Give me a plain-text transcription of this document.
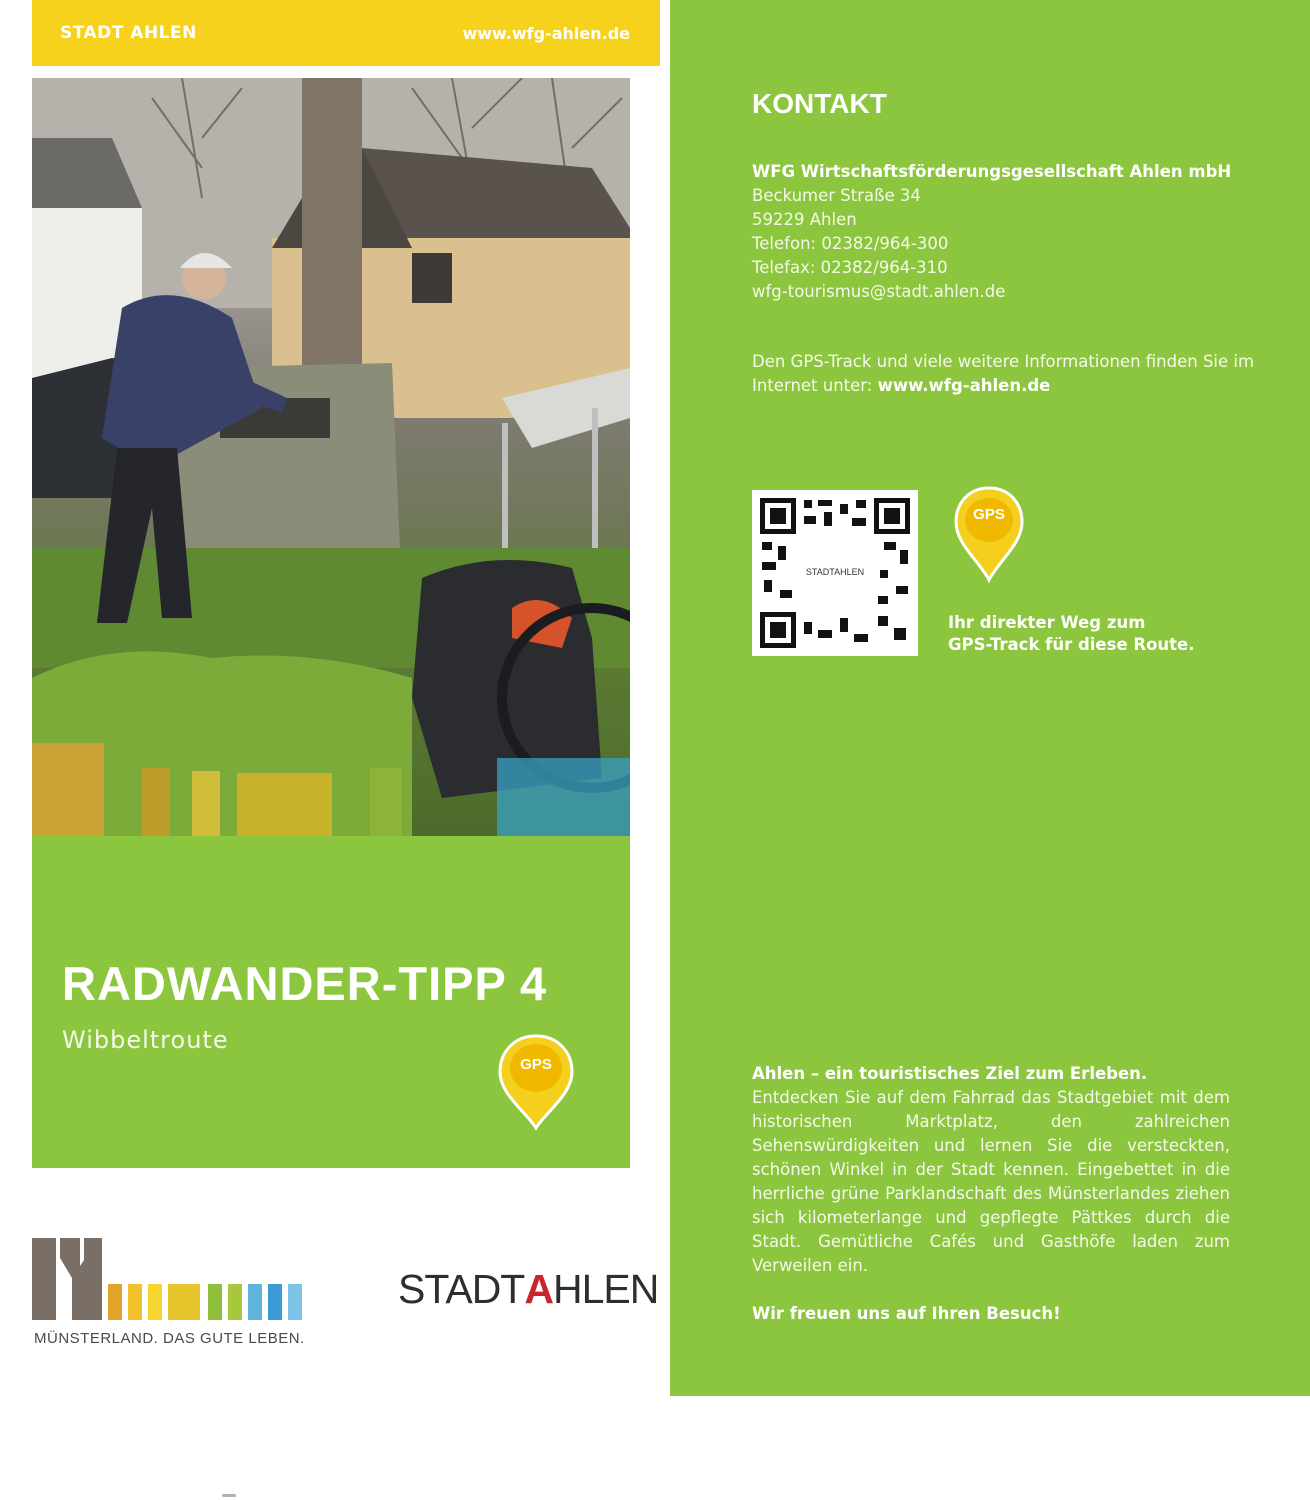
STADT AHLEN	www.wfg-ahlen.de
RADWANDER-TIPP 4

Wibbeltroute

GPS

MÜNSTERLAND. DAS GUTE LEBEN.

STADTAHLEN
KONTAKT
WFG Wirtschaftsförderungsgesellschaft Ahlen mbH
Beckumer Straße 34
59229 Ahlen
Telefon: 02382/964-300
Telefax: 02382/964-310
wfg-tourismus@stadt.ahlen.de
Den GPS-Track und viele weitere Informationen finden Sie im Internet unter: www.wfg-ahlen.de
STADTAHLEN
GPS

Ihr direkter Weg zum
GPS-Track für diese Route.

Ahlen – ein touristisches Ziel zum Erleben.

Entdecken Sie auf dem Fahrrad das Stadtgebiet mit dem historischen Marktplatz, den zahlreichen Sehenswürdigkeiten und lernen Sie die versteckten, schönen Winkel in der Stadt kennen. Eingebettet in die herrliche grüne Parklandschaft des Münsterlandes ziehen sich kilometerlange und gepflegte Pättkes durch die Stadt. Gemütliche Cafés und Gasthöfe laden zum Verweilen ein.

Wir freuen uns auf Ihren Besuch!
